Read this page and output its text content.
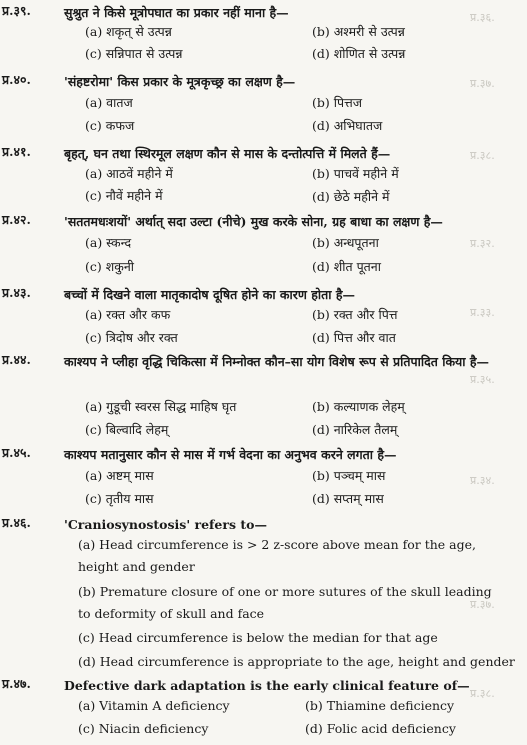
प्र.३६.
प्र.३७.
प्र.३८.
प्र.३२.
प्र.३३.
प्र.३५.
प्र.३४.
प्र.३७.
प्र.३८.
प्र.३९.	सुश्रुत ने किसे मूत्रोपघात का प्रकार नहीं माना है—
(a) शकृत् से उत्पन्न	(b) अश्मरी से उत्पन्न
(c) सन्निपात से उत्पन्न	(d) शोणित से उत्पन्न
प्र.४०.	'संहष्टरोमा' किस प्रकार के मूत्रकृच्छ्र का लक्षण है—
(a) वातज	(b) पित्तज
(c) कफज	(d) अभिघातज
प्र.४१.	बृहत्, घन तथा स्थिरमूल लक्षण कौन से मास के दन्तोत्पत्ति में मिलते हैं—
(a) आठवें महीने में	(b) पाचवें महीने में
(c) नौवें महीने में	(d) छेठे महीने में
प्र.४२.	'सततमधःशयों' अर्थात् सदा उल्टा (नीचे) मुख करके सोना, ग्रह बाधा का लक्षण है—
(a) स्कन्द	(b) अन्धपूतना
(c) शकुनी	(d) शीत पूतना
प्र.४३.	बच्चों में दिखने वाला मातृकादोष दूषित होने का कारण होता है—
(a) रक्त और कफ	(b) रक्त और पित्त
(c) त्रिदोष और रक्त	(d) पित्त और वात
प्र.४४.	काश्यप ने प्लीहा वृद्धि चिकित्सा में निम्नोक्त कौन–सा योग विशेष रूप से प्रतिपादित किया है—
(a) गुडूची स्वरस सिद्ध माहिष घृत	(b) कल्याणक लेहम्
(c) बिल्वादि लेहम्	(d) नारिकेल तैलम्
प्र.४५.	काश्यप मतानुसार कौन से मास में गर्भ वेदना का अनुभव करने लगता है—
(a) अष्टम् मास	(b) पञ्चम् मास
(c) तृतीय मास	(d) सप्तम् मास
प्र.४६.	'Craniosynostosis' refers to—
(a) Head circumference is > 2 z-score above mean for the age, height and gender
(b) Premature closure of one or more sutures of the skull leading to deformity of skull and face
(c) Head circumference is below the median for that age
(d) Head circumference is appropriate to the age, height and gender
प्र.४७.	Defective dark adaptation is the early clinical feature of—
(a) Vitamin A deficiency	(b) Thiamine deficiency
(c) Niacin deficiency	(d) Folic acid deficiency
